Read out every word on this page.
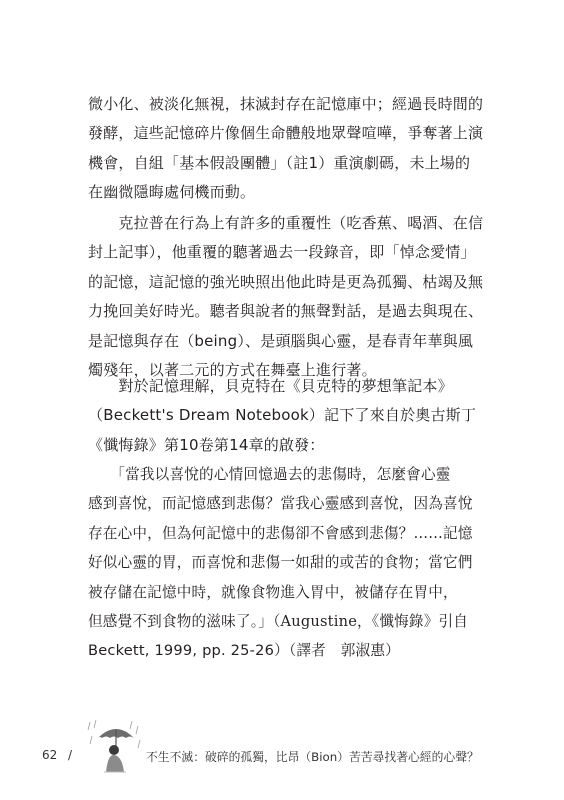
微小化、被淡化無視，抹滅封存在記憶庫中；經過長時間的
發酵，這些記憶碎片像個生命體般地眾聲喧嘩，爭奪著上演
機會，自組「基本假設團體」（註1）重演劇碼，未上場的
在幽微隱晦處伺機而動。
　　克拉普在行為上有許多的重覆性（吃香蕉、喝酒、在信
封上記事），他重覆的聽著過去一段錄音，即「悼念愛情」
的記憶，這記憶的強光映照出他此時是更為孤獨、枯竭及無
力挽回美好時光。聽者與說者的無聲對話，是過去與現在、
是記憶與存在（being）、是頭腦與心靈，是春青年華與風
燭殘年，以著二元的方式在舞臺上進行著。
　　對於記憶理解，貝克特在《貝克特的夢想筆記本》
（Beckett's Dream Notebook）記下了來自於奧古斯丁
《懺悔錄》第10卷第14章的啟發：
　　「當我以喜悅的心情回憶過去的悲傷時，怎麼會心靈
感到喜悅，而記憶感到悲傷？當我心靈感到喜悅，因為喜悅
存在心中，但為何記憶中的悲傷卻不會感到悲傷？……記憶
好似心靈的胃，而喜悅和悲傷一如甜的或苦的食物；當它們
被存儲在記憶中時，就像食物進入胃中，被儲存在胃中，
但感覺不到食物的滋味了。」（Augustine，《懺悔錄》引自
Beckett, 1999, pp. 25-26）（譯者　郭淑惠）
62 /	不生不滅：破碎的孤獨，比昂（Bion）苦苦尋找著心經的心聲？
